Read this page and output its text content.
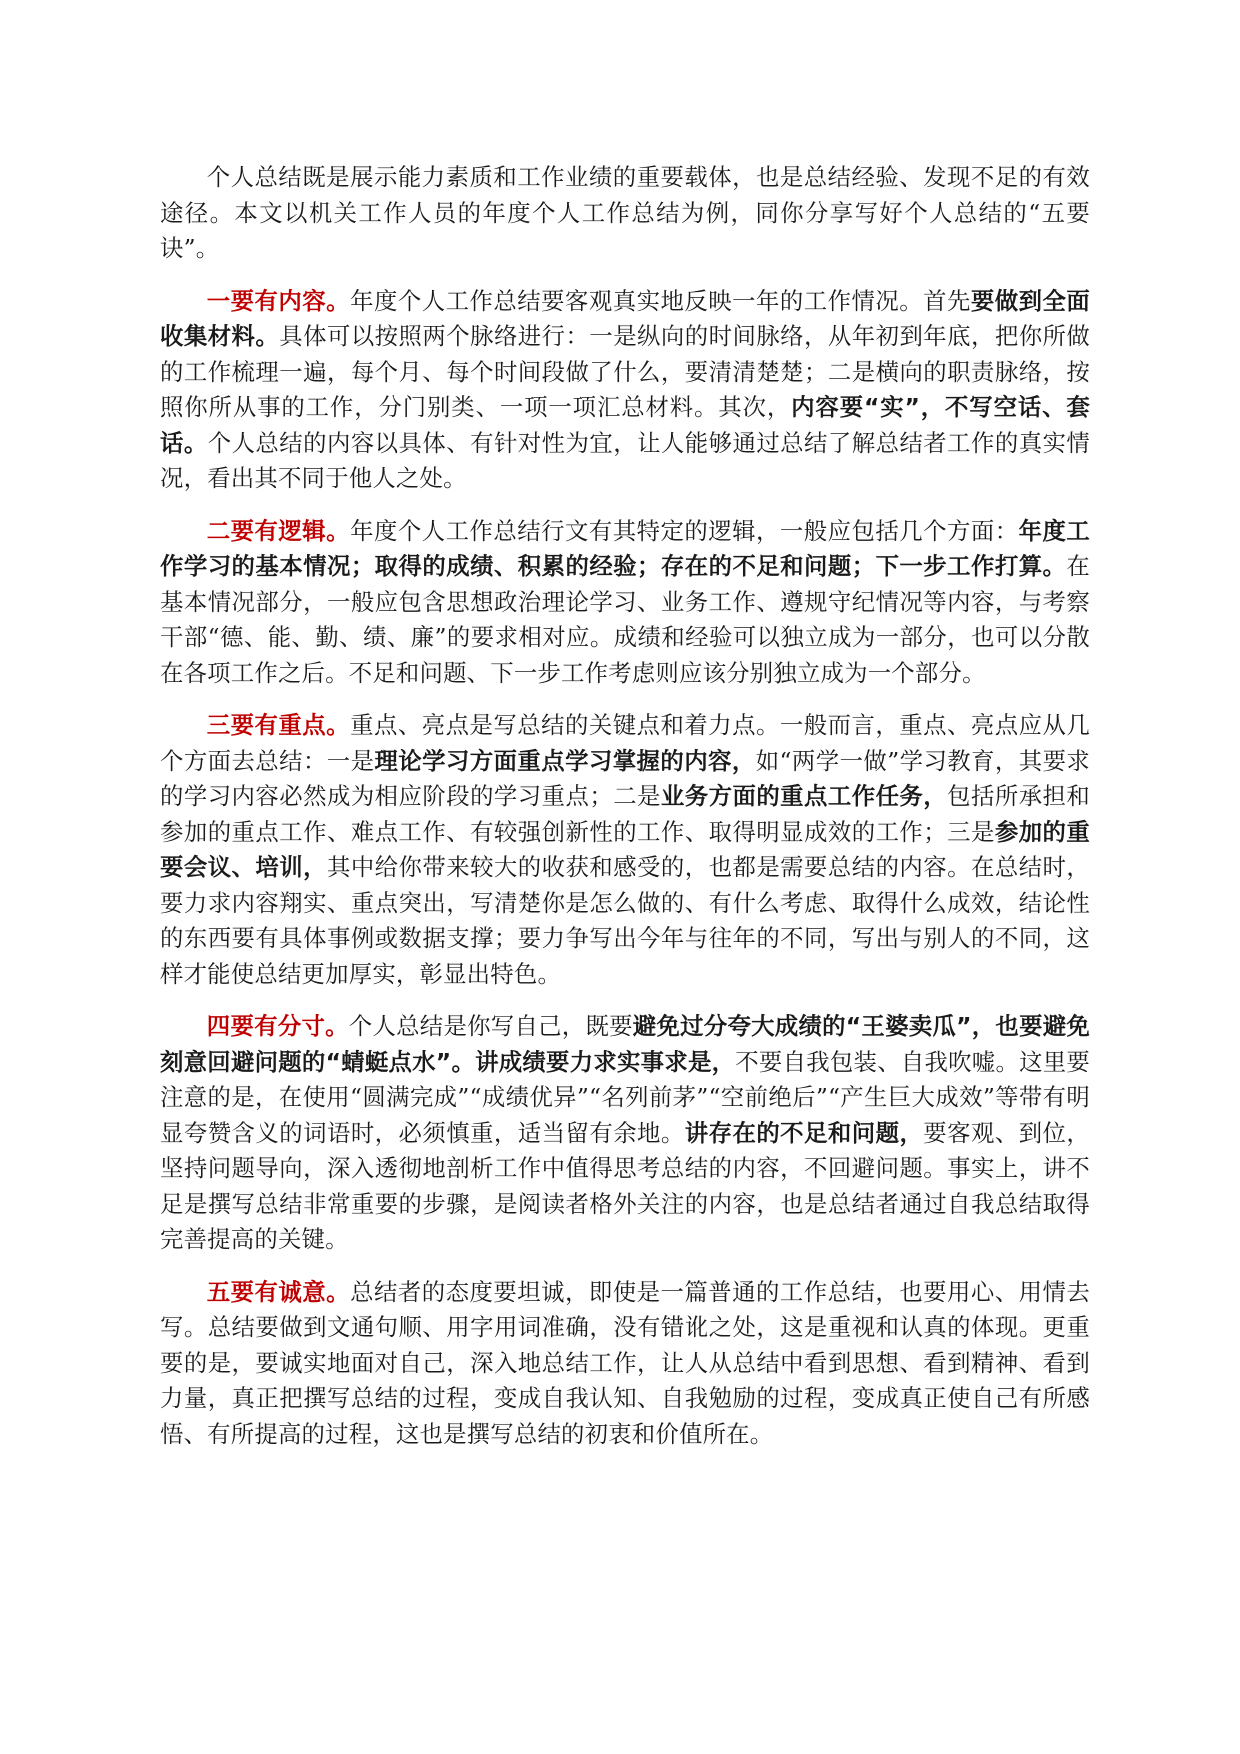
个人总结既是展示能力素质和工作业绩的重要载体，也是总结经验、发现不足的有效途径。本文以机关工作人员的年度个人工作总结为例，同你分享写好个人总结的“五要诀”。

一要有内容。年度个人工作总结要客观真实地反映一年的工作情况。首先要做到全面收集材料。具体可以按照两个脉络进行：一是纵向的时间脉络，从年初到年底，把你所做的工作梳理一遍，每个月、每个时间段做了什么，要清清楚楚；二是横向的职责脉络，按照你所从事的工作，分门别类、一项一项汇总材料。其次，内容要“实”，不写空话、套话。个人总结的内容以具体、有针对性为宜，让人能够通过总结了解总结者工作的真实情况，看出其不同于他人之处。

二要有逻辑。年度个人工作总结行文有其特定的逻辑，一般应包括几个方面：年度工作学习的基本情况；取得的成绩、积累的经验；存在的不足和问题；下一步工作打算。在基本情况部分，一般应包含思想政治理论学习、业务工作、遵规守纪情况等内容，与考察干部“德、能、勤、绩、廉”的要求相对应。成绩和经验可以独立成为一部分，也可以分散在各项工作之后。不足和问题、下一步工作考虑则应该分别独立成为一个部分。

三要有重点。重点、亮点是写总结的关键点和着力点。一般而言，重点、亮点应从几个方面去总结：一是理论学习方面重点学习掌握的内容，如“两学一做”学习教育，其要求的学习内容必然成为相应阶段的学习重点；二是业务方面的重点工作任务，包括所承担和参加的重点工作、难点工作、有较强创新性的工作、取得明显成效的工作；三是参加的重要会议、培训，其中给你带来较大的收获和感受的，也都是需要总结的内容。在总结时，要力求内容翔实、重点突出，写清楚你是怎么做的、有什么考虑、取得什么成效，结论性的东西要有具体事例或数据支撑；要力争写出今年与往年的不同，写出与别人的不同，这样才能使总结更加厚实，彰显出特色。

四要有分寸。个人总结是你写自己，既要避免过分夸大成绩的“王婆卖瓜”，也要避免刻意回避问题的“蜻蜓点水”。讲成绩要力求实事求是，不要自我包装、自我吹嘘。这里要注意的是，在使用“圆满完成”“成绩优异”“名列前茅”“空前绝后”“产生巨大成效”等带有明显夸赞含义的词语时，必须慎重，适当留有余地。讲存在的不足和问题，要客观、到位，坚持问题导向，深入透彻地剖析工作中值得思考总结的内容，不回避问题。事实上，讲不足是撰写总结非常重要的步骤，是阅读者格外关注的内容，也是总结者通过自我总结取得完善提高的关键。

五要有诚意。总结者的态度要坦诚，即使是一篇普通的工作总结，也要用心、用情去写。总结要做到文通句顺、用字用词准确，没有错讹之处，这是重视和认真的体现。更重要的是，要诚实地面对自己，深入地总结工作，让人从总结中看到思想、看到精神、看到力量，真正把撰写总结的过程，变成自我认知、自我勉励的过程，变成真正使自己有所感悟、有所提高的过程，这也是撰写总结的初衷和价值所在。
